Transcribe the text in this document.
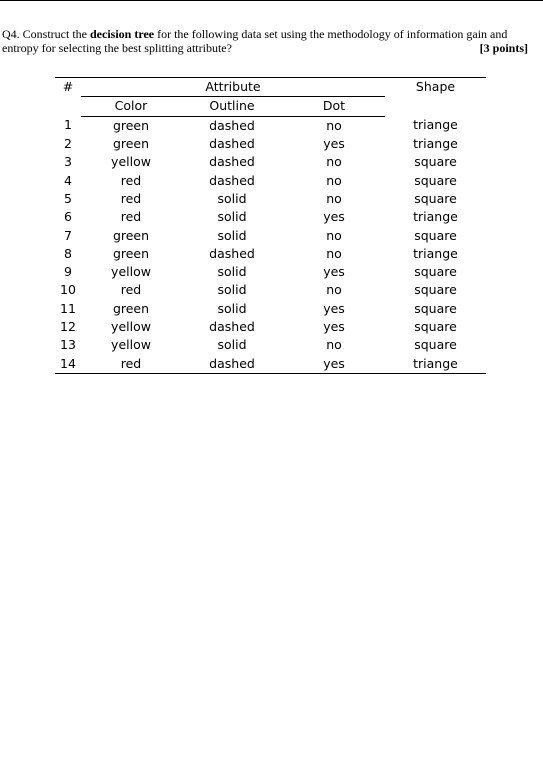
Q4. Construct the decision tree for the following data set using the methodology of information gain and
entropy for selecting the best splitting attribute?	[3 points]
#	Attribute			Shape
	Color	Outline	Dot	
1	green	dashed	no	triange
2	green	dashed	yes	triange
3	yellow	dashed	no	square
4	red	dashed	no	square
5	red	solid	no	square
6	red	solid	yes	triange
7	green	solid	no	square
8	green	dashed	no	triange
9	yellow	solid	yes	square
10	red	solid	no	square
11	green	solid	yes	square
12	yellow	dashed	yes	square
13	yellow	solid	no	square
14	red	dashed	yes	triange
